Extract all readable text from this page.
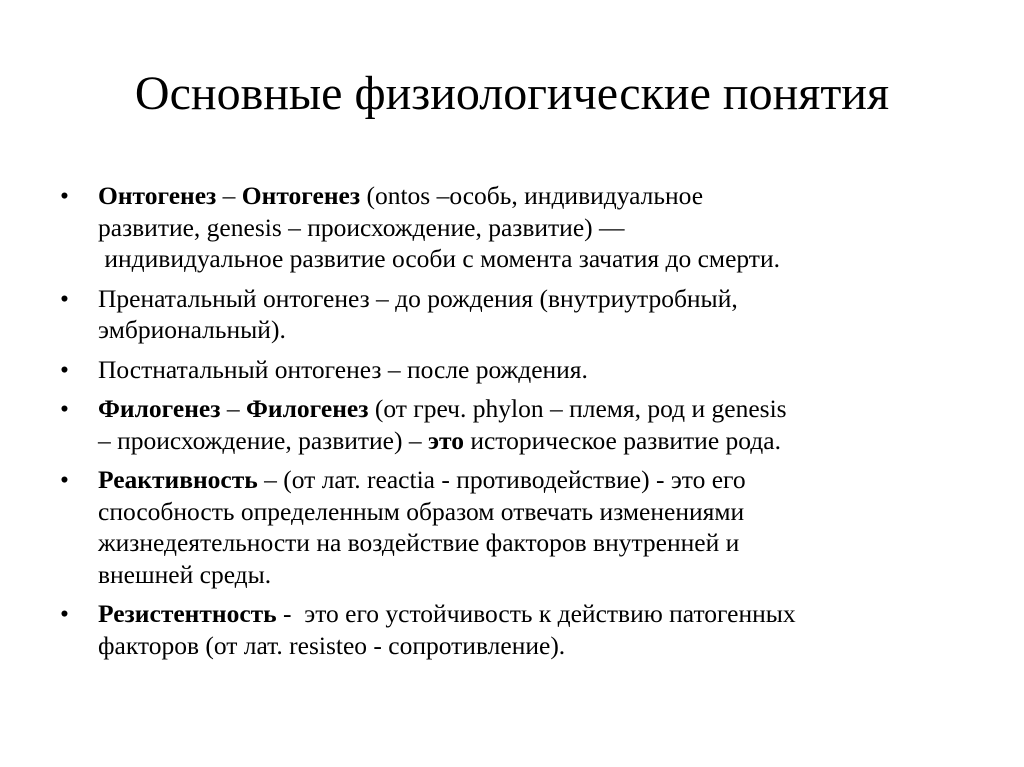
Основные физиологические понятия
•	Онтогенез – Онтогенез (ontos –особь, индивидуальное
развитие, genesis – происхождение, развитие) —
индивидуальное развитие особи с момента зачатия до смерти.
•	Пренатальный онтогенез – до рождения (внутриутробный,
эмбриональный).
•	Постнатальный онтогенез – после рождения.
•	Филогенез – Филогенез (от греч. phylon – племя, род и genesis
– происхождение, развитие) – это историческое развитие рода.
•	Реактивность – (от лат. reactia - противодействие) - это его
способность определенным образом отвечать изменениями
жизнедеятельности на воздействие факторов внутренней и
внешней среды.
•	Резистентность -  это его устойчивость к действию патогенных
факторов (от лат. resisteo - сопротивление).
